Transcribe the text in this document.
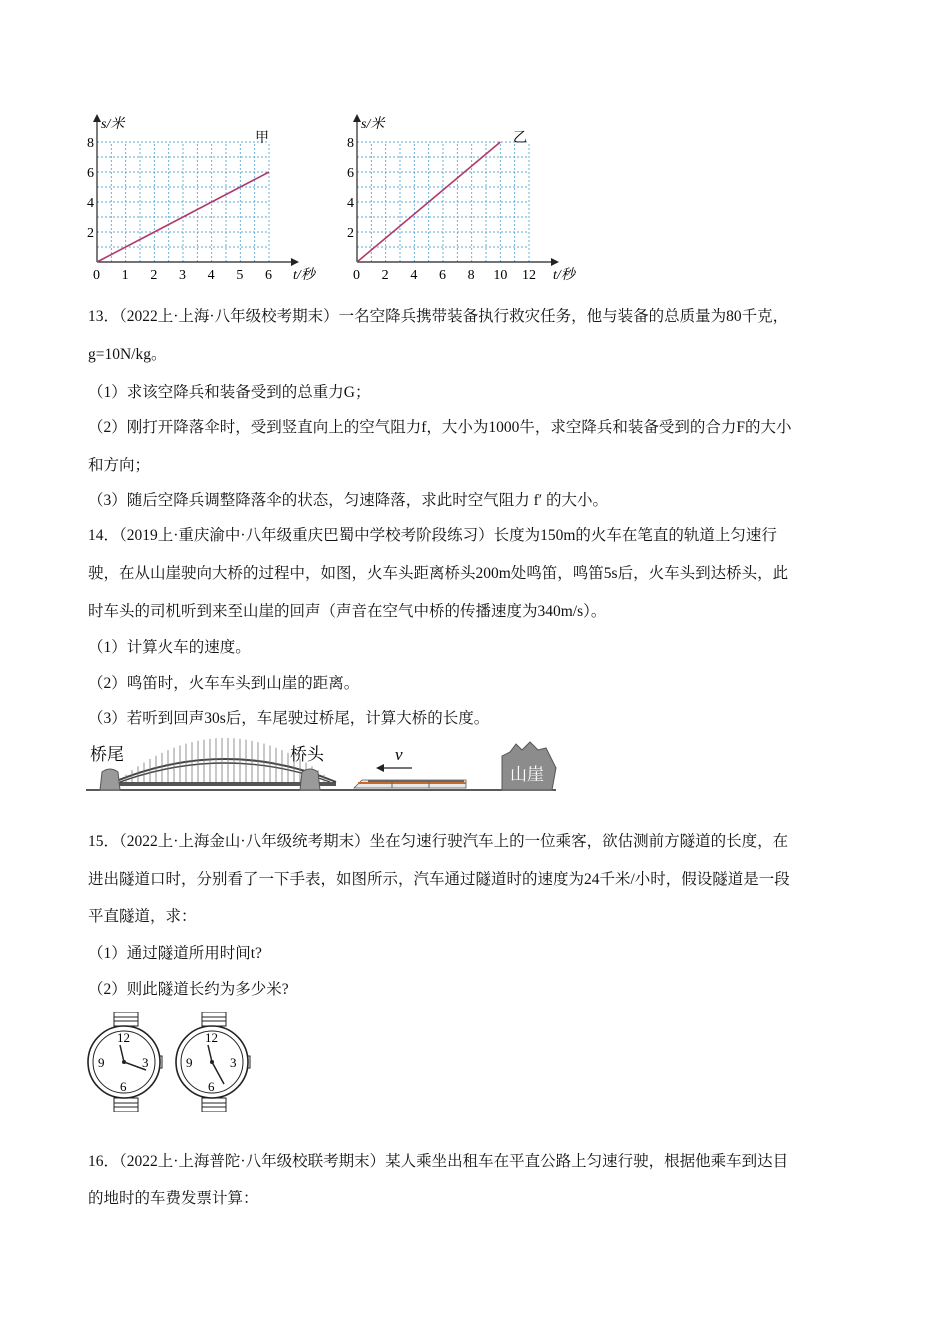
s/米
t/秒
甲
0 1 2 3 4 5 6
2
4
6
8
s/米
t/秒
乙
0 2 4 6 8 10 12
2
4
6
8
13．（2022上·上海·八年级校考期末）一名空降兵携带装备执行救灾任务，他与装备的总质量为80千克，
g=10N/kg。
（1）求该空降兵和装备受到的总重力G；
（2）刚打开降落伞时，受到竖直向上的空气阻力f，大小为1000牛，求空降兵和装备受到的合力F的大小
和方向；
（3）随后空降兵调整降落伞的状态，匀速降落，求此时空气阻力 f′ 的大小。
14．（2019上·重庆渝中·八年级重庆巴蜀中学校考阶段练习）长度为150m的火车在笔直的轨道上匀速行
驶，在从山崖驶向大桥的过程中，如图，火车头距离桥头200m处鸣笛，鸣笛5s后，火车头到达桥头，此
时车头的司机听到来至山崖的回声（声音在空气中桥的传播速度为340m/s）。
（1）计算火车的速度。
（2）鸣笛时，火车车头到山崖的距离。
（3）若听到回声30s后，车尾驶过桥尾，计算大桥的长度。
桥尾	桥头	v
山崖
15．（2022上·上海金山·八年级统考期末）坐在匀速行驶汽车上的一位乘客，欲估测前方隧道的长度，在
进出隧道口时，分别看了一下手表，如图所示，汽车通过隧道时的速度为24千米/小时，假设隧道是一段
平直隧道，求：
（1）通过隧道所用时间t?
（2）则此隧道长约为多少米?
12
3
6
9
12
3
6
9
16．（2022上·上海普陀·八年级校联考期末）某人乘坐出租车在平直公路上匀速行驶，根据他乘车到达目
的地时的车费发票计算：
